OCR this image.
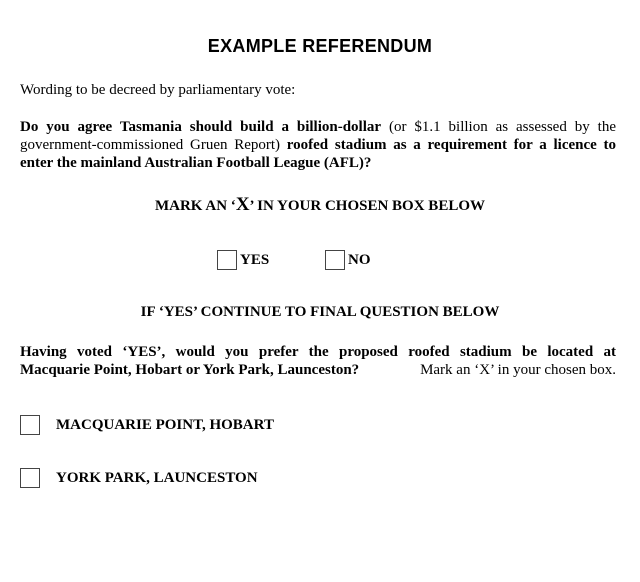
EXAMPLE REFERENDUM
Wording to be decreed by parliamentary vote:
Do you agree Tasmania should build a billion-dollar (or $1.1 billion as assessed by the government-commissioned Gruen Report) roofed stadium as a requirement for a licence to enter the mainland Australian Football League (AFL)?
MARK AN ‘X’ IN YOUR CHOSEN BOX BELOW
YES	NO
IF ‘YES’ CONTINUE TO FINAL QUESTION BELOW
Having voted ‘YES’, would you prefer the proposed roofed stadium be located at
Macquarie Point, Hobart or York Park, Launceston?	Mark an ‘X’ in your chosen box.
MACQUARIE POINT, HOBART
YORK PARK, LAUNCESTON
